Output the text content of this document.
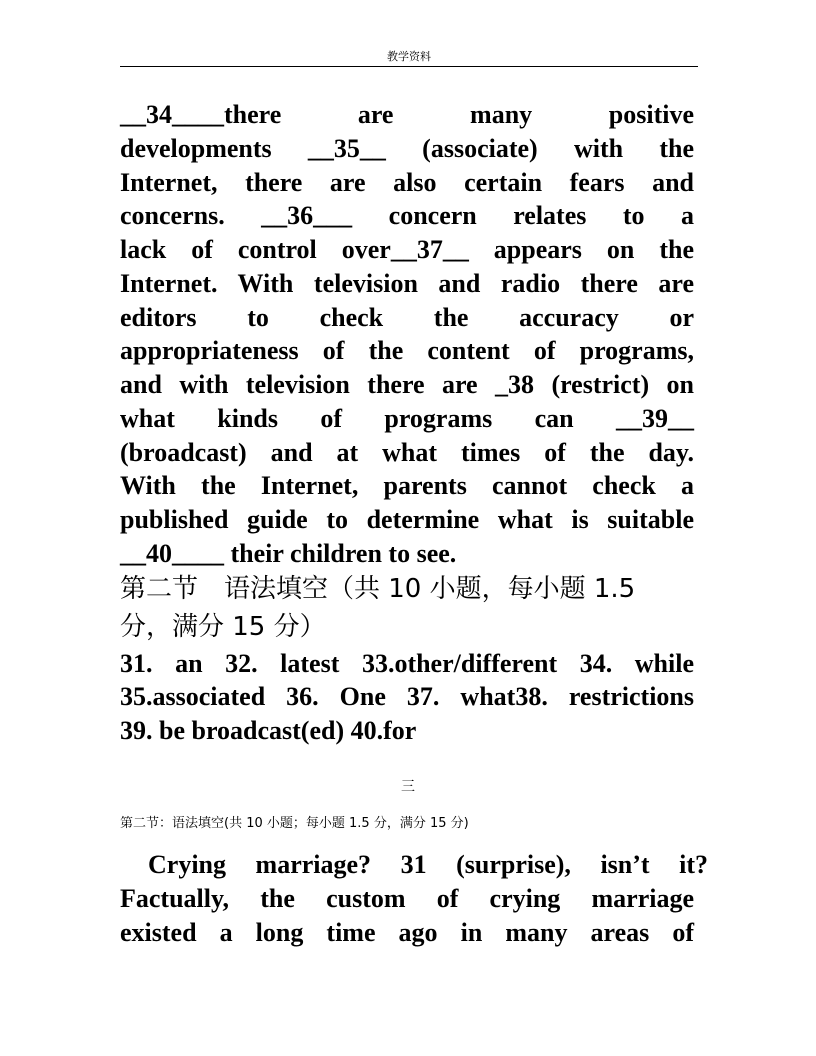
教学资料
__34____there are many positive
developments __35__ (associate) with the
Internet, there are also certain fears and
concerns. __36___ concern relates to a
lack of control over__37__ appears on the
Internet. With television and radio there are
editors to check the accuracy or
appropriateness of the content of programs,
and with television there are _38 (restrict) on
what kinds of programs can __39__
(broadcast) and at what times of the day.
With the Internet, parents cannot check a
published guide to determine what is suitable
__40____ their children to see.
第二节　语法填空（共 10 小题，每小题 1.5
分，满分 15 分）
31. an 32. latest 33.other/different 34. while
35.associated 36. One 37. what38. restrictions
39. be broadcast(ed) 40.for
三
第二节：语法填空(共 10 小题；每小题 1.5 分，满分 15 分)
Crying marriage? 31 (surprise), isn’t it?
Factually, the custom of crying marriage
existed a long time ago in many areas of
